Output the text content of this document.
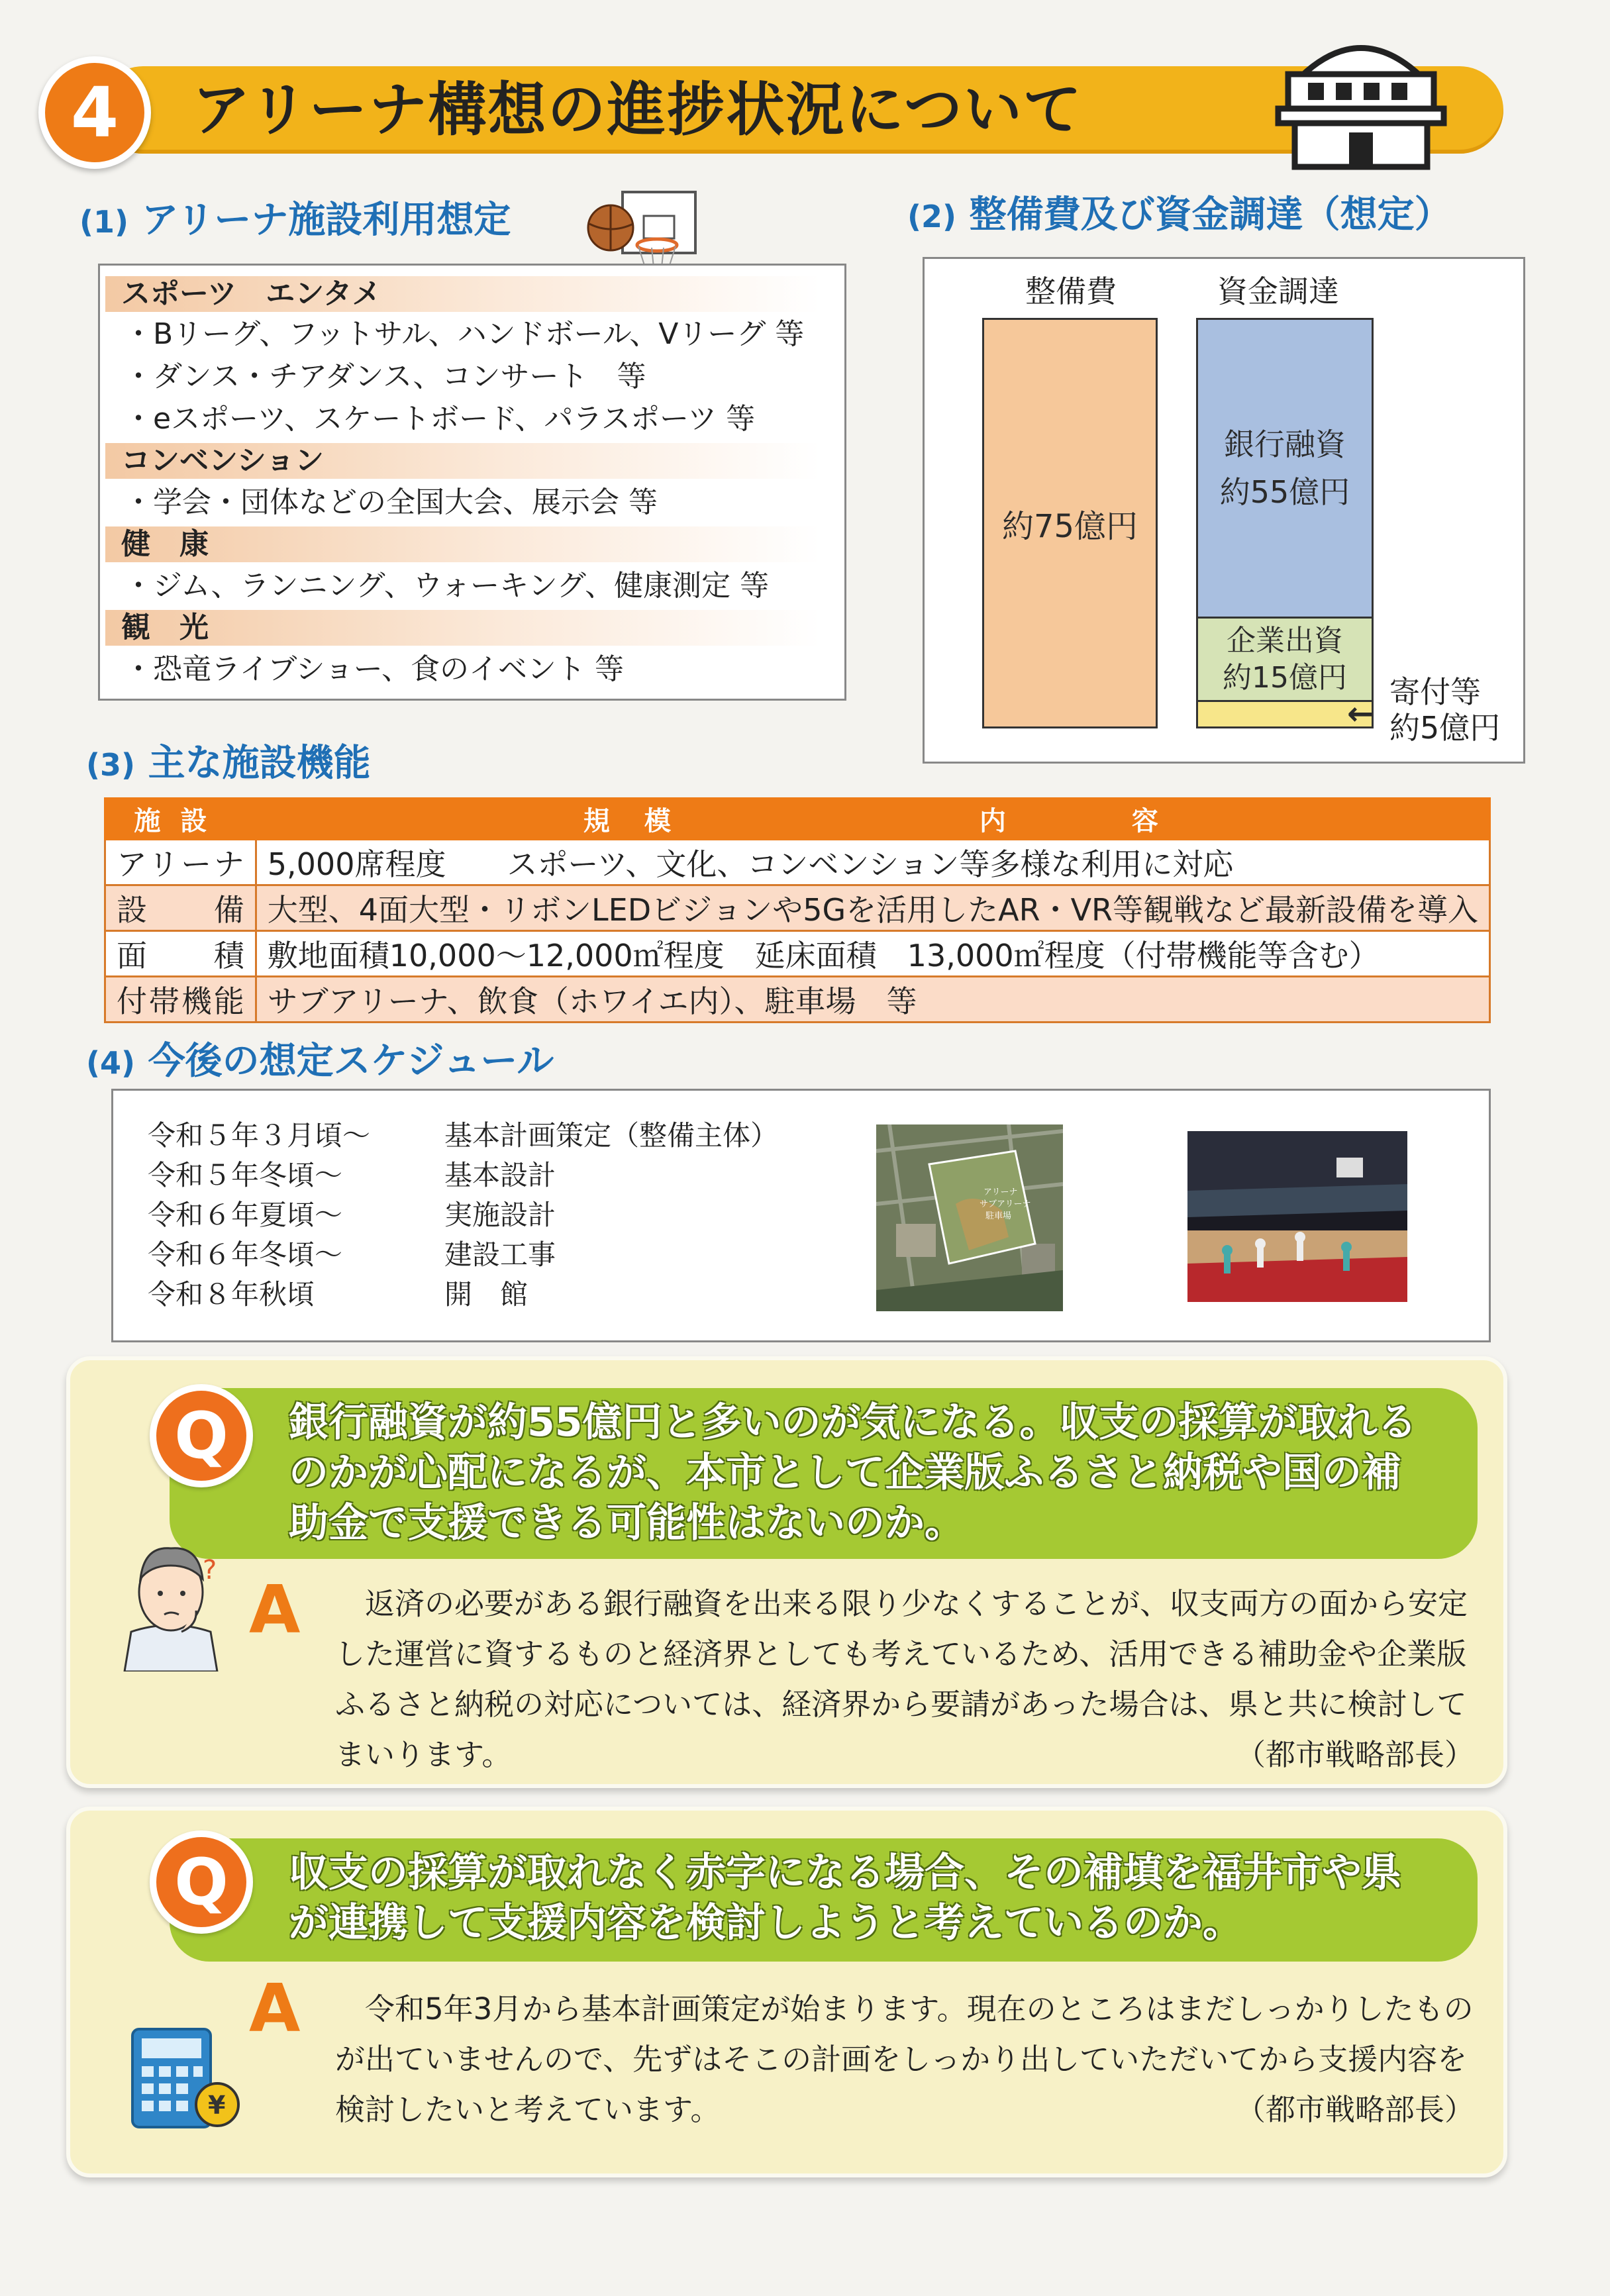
4	アリーナ構想の進捗状況について
(1) アリーナ施設利用想定
スポーツ　エンタメ
・Bリーグ、フットサル、ハンドボール、Vリーグ 等
・ダンス・チアダンス、コンサート　等
・eスポーツ、スケートボード、パラスポーツ 等
コンベンション
・学会・団体などの全国大会、展示会 等
健　康
・ジム、ランニング、ウォーキング、健康測定 等
観　光
・恐竜ライブショー、食のイベント 等
(2) 整備費及び資金調達（想定）
整備費	資金調達
約75億円
銀行融資
約55億円
企業出資
約15億円
←
寄付等
約5億円
(3) 主な施設機能
施設	規　模　　　　　　　　　　内　　　　容
アリーナ	5,000席程度　　スポーツ、文化、コンベンション等多様な利用に対応
設備	大型、4面大型・リボンLEDビジョンや5Gを活用したAR・VR等観戦など最新設備を導入
面積	敷地面積10,000～12,000㎡程度　延床面積　13,000㎡程度（付帯機能等含む）
付帯機能	サブアリーナ、飲食（ホワイエ内）、駐車場　等
(4) 今後の想定スケジュール
令和５年３月頃～	基本計画策定（整備主体）
令和５年冬頃～	基本設計
令和６年夏頃～	実施設計
令和６年冬頃～	建設工事
令和８年秋頃	開　館
アリーナ
サブアリーナ
駐車場
Q	銀行融資が約55億円と多いのが気になる。収支の採算が取れるのかが心配になるが、本市として企業版ふるさと納税や国の補助金で支援できる可能性はないのか。
?
A 　返済の必要がある銀行融資を出来る限り少なくすることが、収支両方の面から安定した運営に資するものと経済界としても考えているため、活用できる補助金や企業版ふるさと納税の対応については、経済界から要請があった場合は、県と共に検討してまいります。	（都市戦略部長）
Q	収支の採算が取れなく赤字になる場合、その補填を福井市や県が連携して支援内容を検討しようと考えているのか。
¥
A 　令和5年3月から基本計画策定が始まります。現在のところはまだしっかりしたものが出ていませんので、先ずはそこの計画をしっかり出していただいてから支援内容を検討したいと考えています。	（都市戦略部長）
